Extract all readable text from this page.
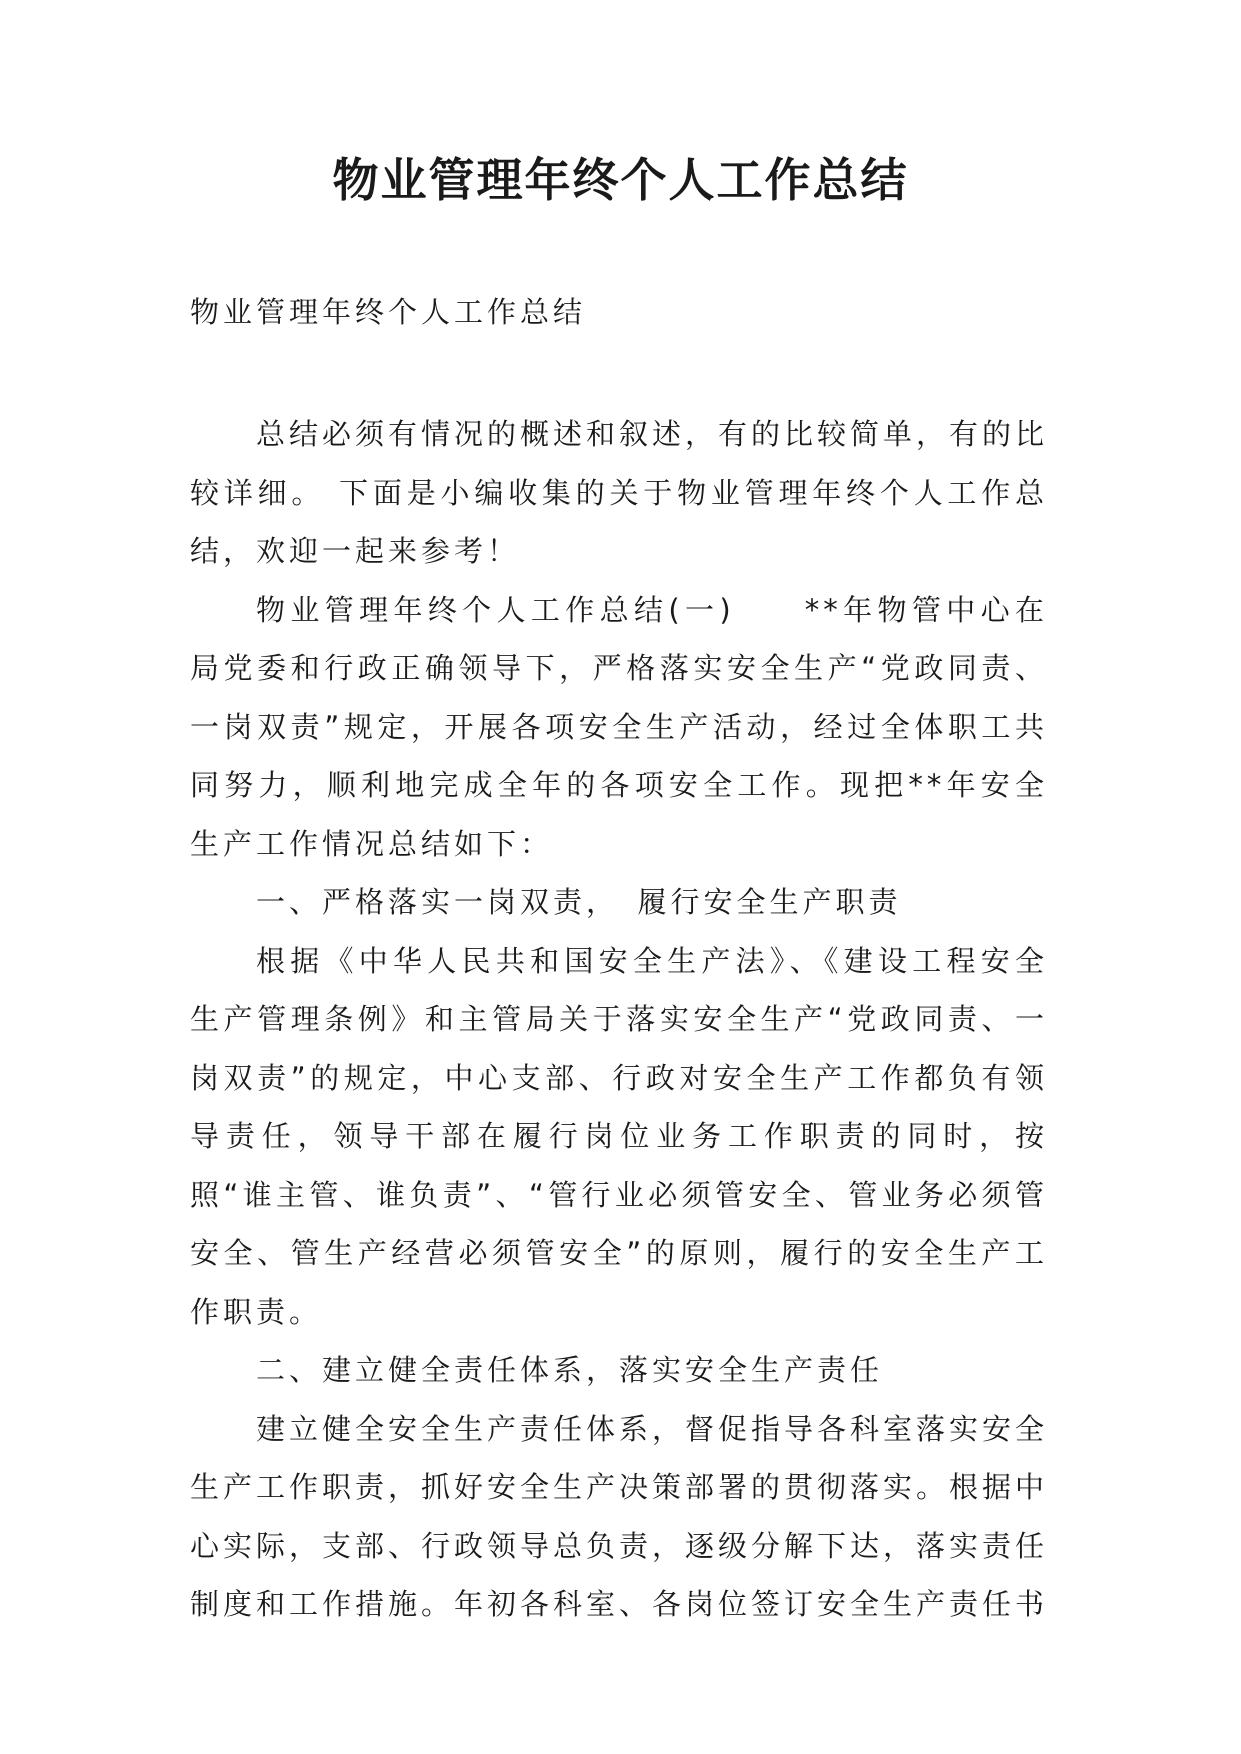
物业管理年终个人工作总结

物业管理年终个人工作总结

总结必须有情况的概述和叙述，有的比较简单，有的比较详细。 下面是小编收集的关于物业管理年终个人工作总结，欢迎一起来参考！

物业管理年终个人工作总结(一)　　**年物管中心在局党委和行政正确领导下，严格落实安全生产“党政同责、一岗双责”规定，开展各项安全生产活动，经过全体职工共同努力，顺利地完成全年的各项安全工作。现把**年安全生产工作情况总结如下：

一、严格落实一岗双责，　履行安全生产职责

根据《中华人民共和国安全生产法》、《建设工程安全生产管理条例》和主管局关于落实安全生产“党政同责、一岗双责”的规定，中心支部、行政对安全生产工作都负有领导责任，领导干部在履行岗位业务工作职责的同时，按照“谁主管、谁负责”、“管行业必须管安全、管业务必须管安全、管生产经营必须管安全”的原则，履行的安全生产工作职责。

二、建立健全责任体系，落实安全生产责任

建立健全安全生产责任体系，督促指导各科室落实安全生产工作职责，抓好安全生产决策部署的贯彻落实。根据中心实际，支部、行政领导总负责，逐级分解下达，落实责任制度和工作措施。年初各科室、各岗位签订安全生产责任书
